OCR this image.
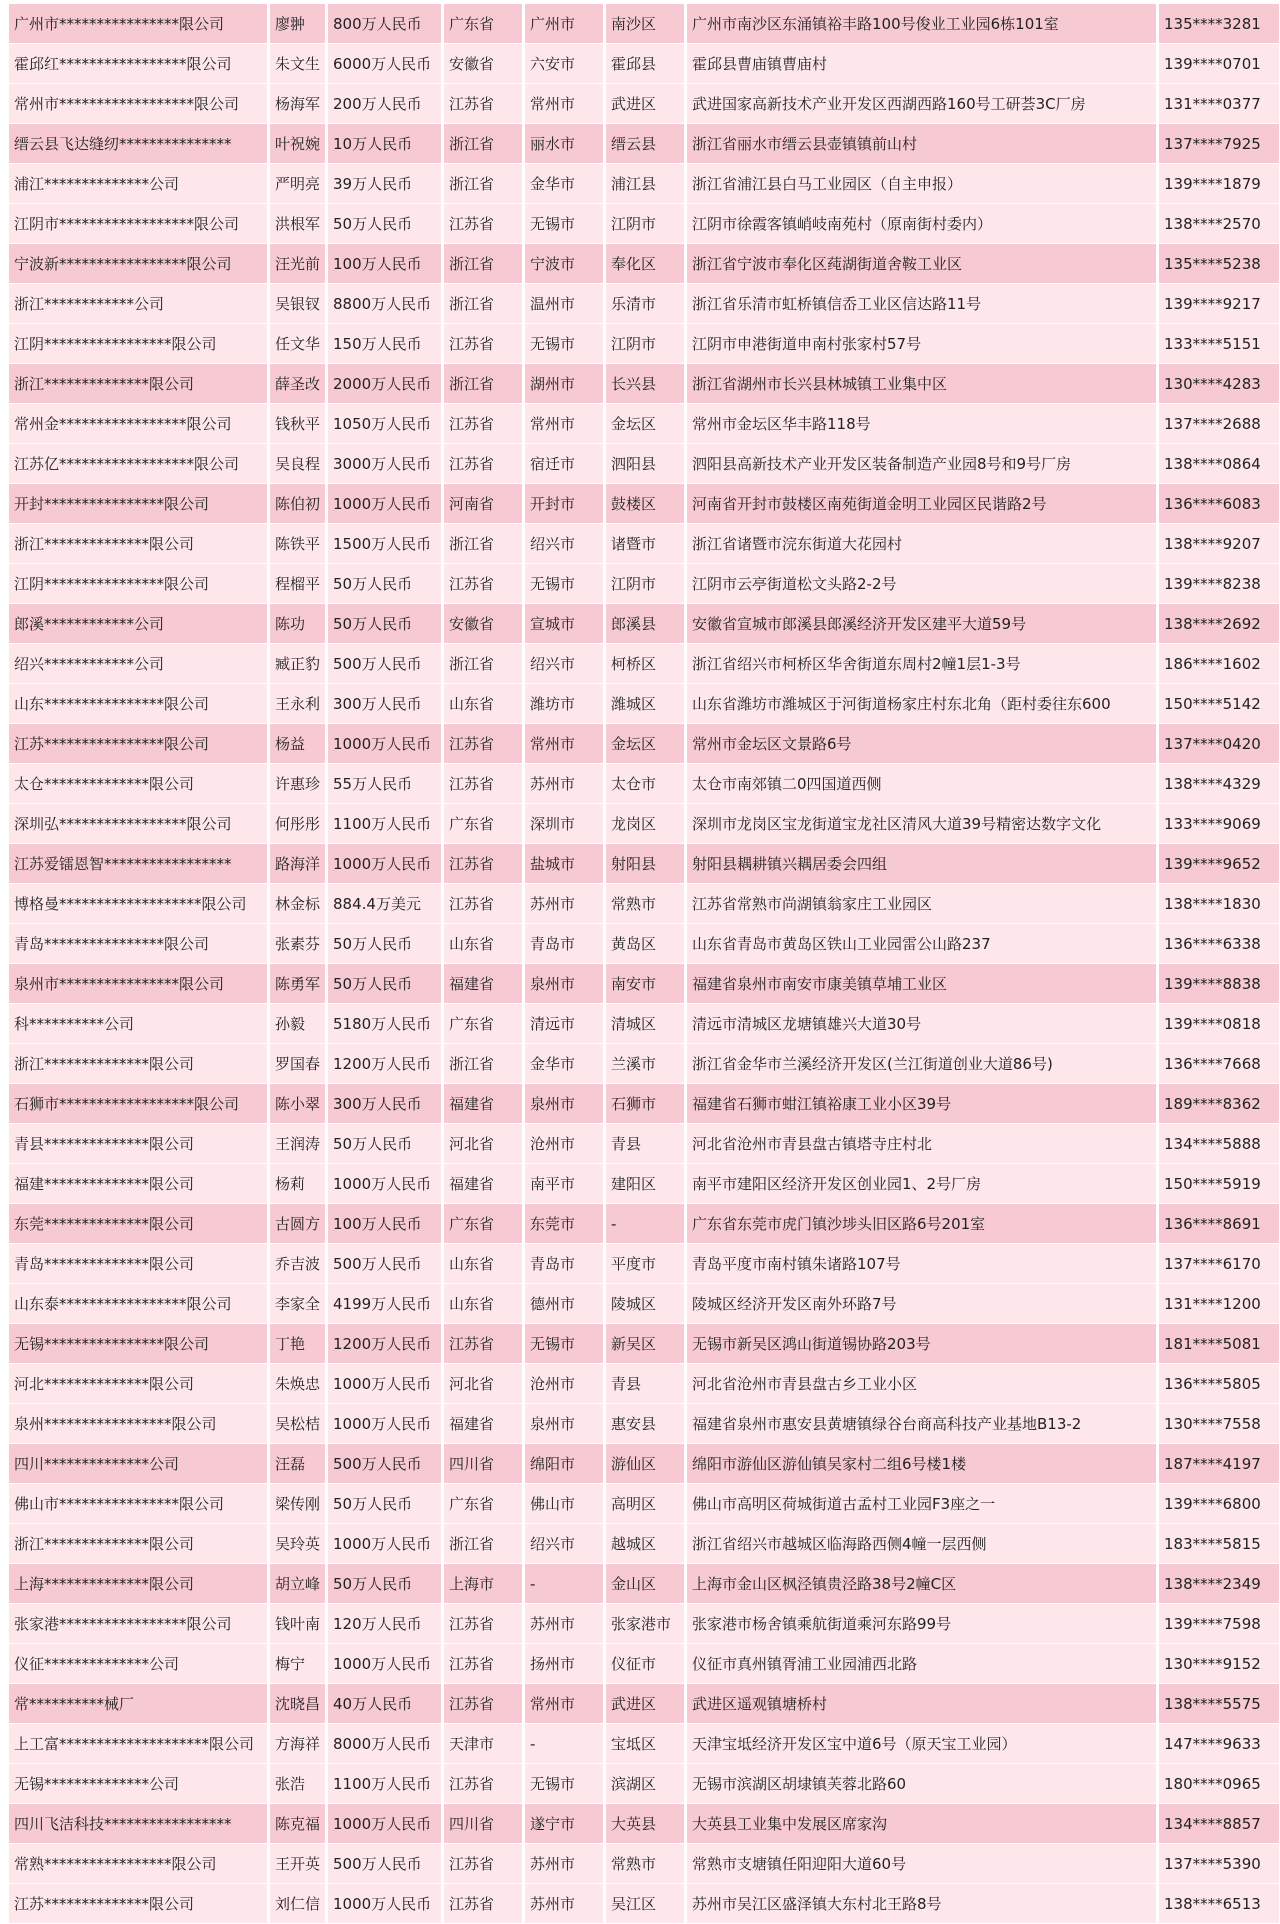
广州市****************限公司	廖翀	800万人民币	广东省	广州市	南沙区	广州市南沙区东涌镇裕丰路100号俊业工业园6栋101室	135****3281
霍邱红*****************限公司	朱文生	6000万人民币	安徽省	六安市	霍邱县	霍邱县曹庙镇曹庙村	139****0701
常州市******************限公司	杨海军	200万人民币	江苏省	常州市	武进区	武进国家高新技术产业开发区西湖西路160号工研荟3C厂房	131****0377
缙云县飞达缝纫***************	叶祝婉	10万人民币	浙江省	丽水市	缙云县	浙江省丽水市缙云县壶镇镇前山村	137****7925
浦江**************公司	严明亮	39万人民币	浙江省	金华市	浦江县	浙江省浦江县白马工业园区（自主申报）	139****1879
江阴市******************限公司	洪根军	50万人民币	江苏省	无锡市	江阴市	江阴市徐霞客镇峭岐南苑村（原南街村委内）	138****2570
宁波新*****************限公司	汪光前	100万人民币	浙江省	宁波市	奉化区	浙江省宁波市奉化区莼湖街道舍鞍工业区	135****5238
浙江************公司	吴银钗	8800万人民币	浙江省	温州市	乐清市	浙江省乐清市虹桥镇信岙工业区信达路11号	139****9217
江阴*****************限公司	任文华	150万人民币	江苏省	无锡市	江阴市	江阴市申港街道申南村张家村57号	133****5151
浙江**************限公司	薛圣改	2000万人民币	浙江省	湖州市	长兴县	浙江省湖州市长兴县林城镇工业集中区	130****4283
常州金*****************限公司	钱秋平	1050万人民币	江苏省	常州市	金坛区	常州市金坛区华丰路118号	137****2688
江苏亿******************限公司	吴良程	3000万人民币	江苏省	宿迁市	泗阳县	泗阳县高新技术产业开发区装备制造产业园8号和9号厂房	138****0864
开封****************限公司	陈伯初	1000万人民币	河南省	开封市	鼓楼区	河南省开封市鼓楼区南苑街道金明工业园区民谐路2号	136****6083
浙江**************限公司	陈铁平	1500万人民币	浙江省	绍兴市	诸暨市	浙江省诸暨市浣东街道大花园村	138****9207
江阴****************限公司	程榴平	50万人民币	江苏省	无锡市	江阴市	江阴市云亭街道松文头路2-2号	139****8238
郎溪************公司	陈功	50万人民币	安徽省	宣城市	郎溪县	安徽省宣城市郎溪县郎溪经济开发区建平大道59号	138****2692
绍兴************公司	臧正豹	500万人民币	浙江省	绍兴市	柯桥区	浙江省绍兴市柯桥区华舍街道东周村2幢1层1-3号	186****1602
山东****************限公司	王永利	300万人民币	山东省	潍坊市	潍城区	山东省潍坊市潍城区于河街道杨家庄村东北角（距村委往东600	150****5142
江苏****************限公司	杨益	1000万人民币	江苏省	常州市	金坛区	常州市金坛区文景路6号	137****0420
太仓**************限公司	许惠珍	55万人民币	江苏省	苏州市	太仓市	太仓市南郊镇二0四国道西侧	138****4329
深圳弘*****************限公司	何彤彤	1100万人民币	广东省	深圳市	龙岗区	深圳市龙岗区宝龙街道宝龙社区清风大道39号精密达数字文化	133****9069
江苏爱镭恩智*****************	路海洋	1000万人民币	江苏省	盐城市	射阳县	射阳县耦耕镇兴耦居委会四组	139****9652
博格曼*******************限公司	林金标	884.4万美元	江苏省	苏州市	常熟市	江苏省常熟市尚湖镇翁家庄工业园区	138****1830
青岛****************限公司	张素芬	50万人民币	山东省	青岛市	黄岛区	山东省青岛市黄岛区铁山工业园雷公山路237	136****6338
泉州市****************限公司	陈勇军	50万人民币	福建省	泉州市	南安市	福建省泉州市南安市康美镇草埔工业区	139****8838
科**********公司	孙毅	5180万人民币	广东省	清远市	清城区	清远市清城区龙塘镇雄兴大道30号	139****0818
浙江**************限公司	罗国春	1200万人民币	浙江省	金华市	兰溪市	浙江省金华市兰溪经济开发区(兰江街道创业大道86号)	136****7668
石狮市******************限公司	陈小翠	300万人民币	福建省	泉州市	石狮市	福建省石狮市蚶江镇裕康工业小区39号	189****8362
青县**************限公司	王润涛	50万人民币	河北省	沧州市	青县	河北省沧州市青县盘古镇塔寺庄村北	134****5888
福建**************限公司	杨莉	1000万人民币	福建省	南平市	建阳区	南平市建阳区经济开发区创业园1、2号厂房	150****5919
东莞**************限公司	古圆方	100万人民币	广东省	东莞市	-	广东省东莞市虎门镇沙埗头旧区路6号201室	136****8691
青岛**************限公司	乔吉波	500万人民币	山东省	青岛市	平度市	青岛平度市南村镇朱诸路107号	137****6170
山东泰*****************限公司	李家全	4199万人民币	山东省	德州市	陵城区	陵城区经济开发区南外环路7号	131****1200
无锡****************限公司	丁艳	1200万人民币	江苏省	无锡市	新吴区	无锡市新吴区鸿山街道锡协路203号	181****5081
河北**************限公司	朱焕忠	1000万人民币	河北省	沧州市	青县	河北省沧州市青县盘古乡工业小区	136****5805
泉州*****************限公司	吴松桔	1000万人民币	福建省	泉州市	惠安县	福建省泉州市惠安县黄塘镇绿谷台商高科技产业基地B13-2	130****7558
四川**************公司	汪磊	500万人民币	四川省	绵阳市	游仙区	绵阳市游仙区游仙镇吴家村二组6号楼1楼	187****4197
佛山市****************限公司	梁传刚	50万人民币	广东省	佛山市	高明区	佛山市高明区荷城街道古孟村工业园F3座之一	139****6800
浙江**************限公司	吴玲英	1000万人民币	浙江省	绍兴市	越城区	浙江省绍兴市越城区临海路西侧4幢一层西侧	183****5815
上海**************限公司	胡立峰	50万人民币	上海市	-	金山区	上海市金山区枫泾镇贵泾路38号2幢C区	138****2349
张家港*****************限公司	钱叶南	120万人民币	江苏省	苏州市	张家港市	张家港市杨舍镇乘航街道乘河东路99号	139****7598
仪征**************公司	梅宁	1000万人民币	江苏省	扬州市	仪征市	仪征市真州镇胥浦工业园浦西北路	130****9152
常**********械厂	沈晓昌	40万人民币	江苏省	常州市	武进区	武进区遥观镇塘桥村	138****5575
上工富********************限公司	方海祥	8000万人民币	天津市	-	宝坻区	天津宝坻经济开发区宝中道6号（原天宝工业园）	147****9633
无锡**************公司	张浩	1100万人民币	江苏省	无锡市	滨湖区	无锡市滨湖区胡埭镇芙蓉北路60	180****0965
四川飞洁科技*****************	陈克福	1000万人民币	四川省	遂宁市	大英县	大英县工业集中发展区席家沟	134****8857
常熟*****************限公司	王开英	500万人民币	江苏省	苏州市	常熟市	常熟市支塘镇任阳迎阳大道60号	137****5390
江苏**************限公司	刘仁信	1000万人民币	江苏省	苏州市	吴江区	苏州市吴江区盛泽镇大东村北王路8号	138****6513
